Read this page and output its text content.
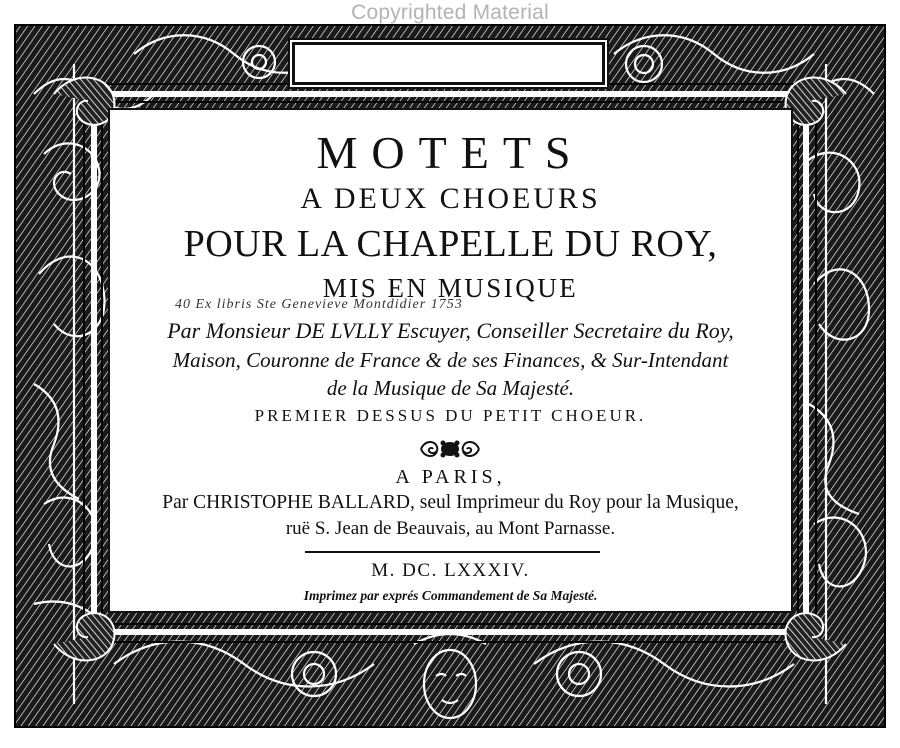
Copyrighted Material
MOTETS
A DEUX CHOEURS
POUR LA CHAPELLE DU ROY,
MIS EN MUSIQUE
40 Ex libris Ste Genevieve Montdidier 1753
Par Monsieur DE LVLLY Escuyer, Conseiller Secretaire du Roy,
Maison, Couronne de France & de ses Finances, & Sur-Intendant
de la Musique de Sa Majesté.
PREMIER DESSUS DU PETIT CHOEUR.
A PARIS,
Par CHRISTOPHE BALLARD, seul Imprimeur du Roy pour la Musique,
ruë S. Jean de Beauvais, au Mont Parnasse.
M. DC. LXXXIV.
Imprimez par exprés Commandement de Sa Majesté.
